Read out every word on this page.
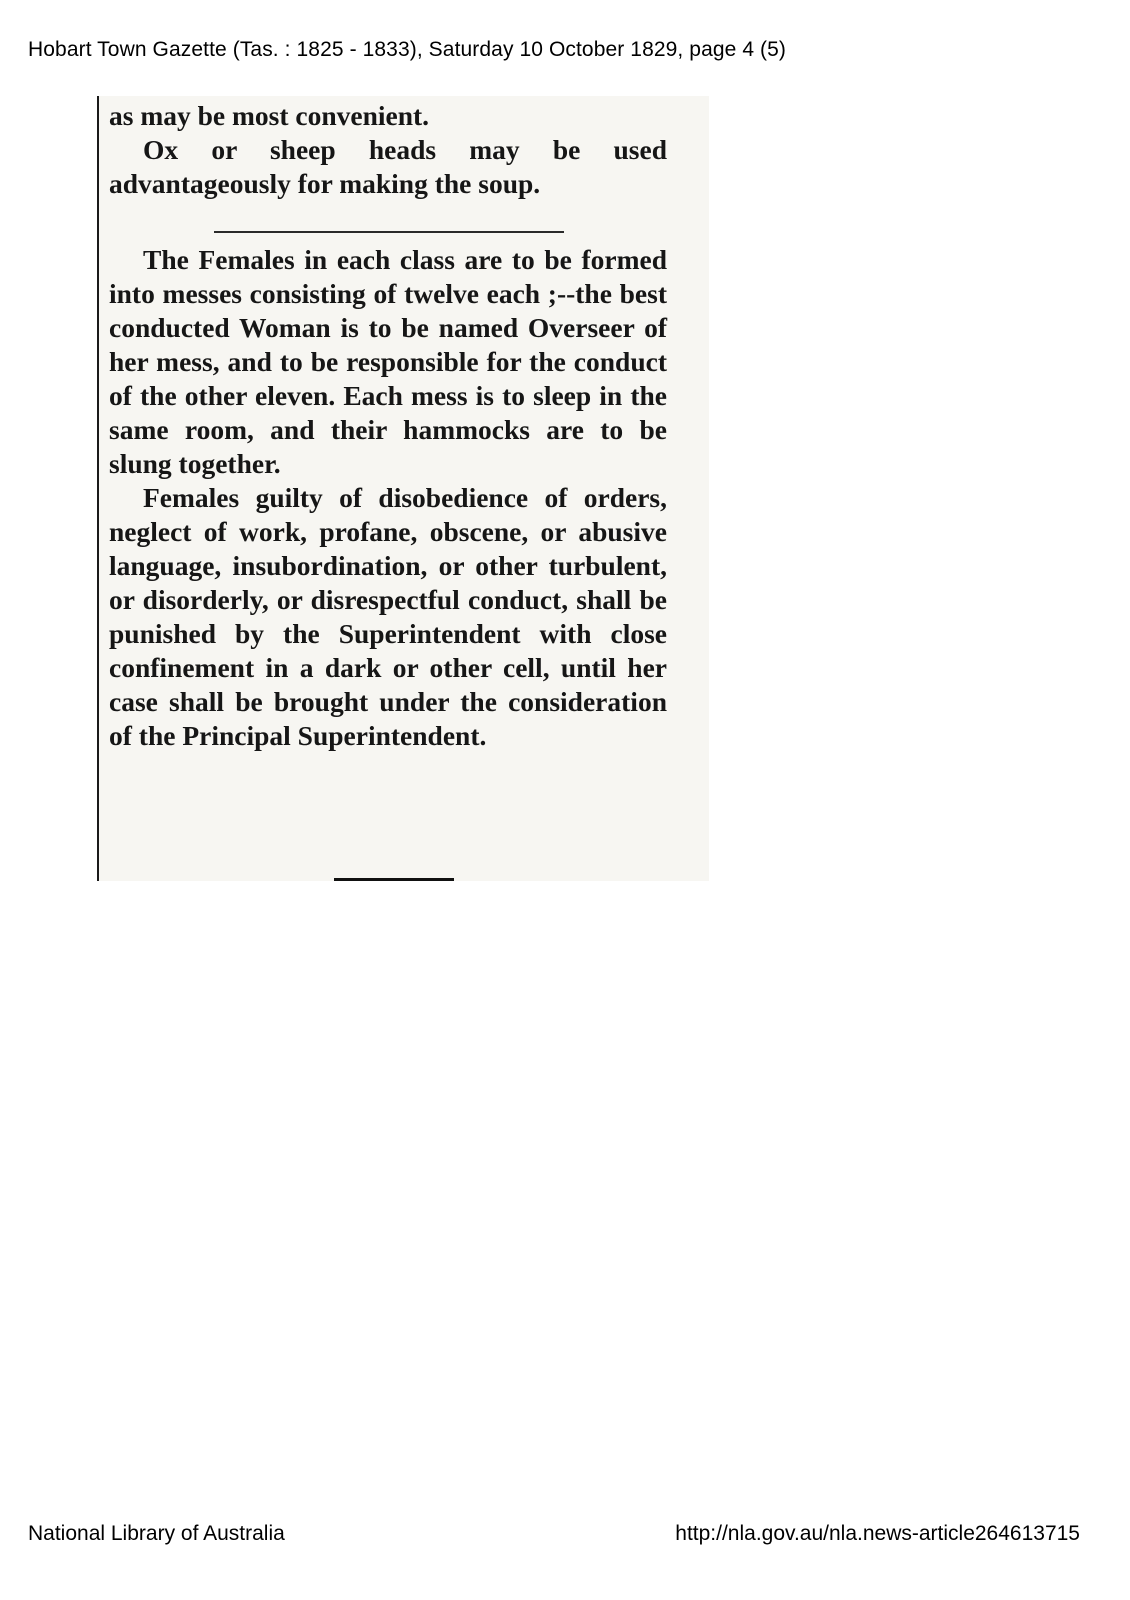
Hobart Town Gazette (Tas. : 1825 - 1833), Saturday 10 October 1829, page 4 (5)

as may be most convenient.

Ox or sheep heads may be used advantageously for making the soup.

The Females in each class are to be formed into messes consisting of twelve each ;--the best conducted Woman is to be named Overseer of her mess, and to be responsible for the conduct of the other eleven. Each mess is to sleep in the same room, and their hammocks are to be slung together.

Females guilty of disobedience of orders, neglect of work, profane, obscene, or abusive language, insubordination, or other turbulent, or disorderly, or disrespectful conduct, shall be punished by the Superintendent with close confinement in a dark or other cell, until her case shall be brought under the consideration of the Principal Superintendent.

National Library of Australia	http://nla.gov.au/nla.news-article264613715
